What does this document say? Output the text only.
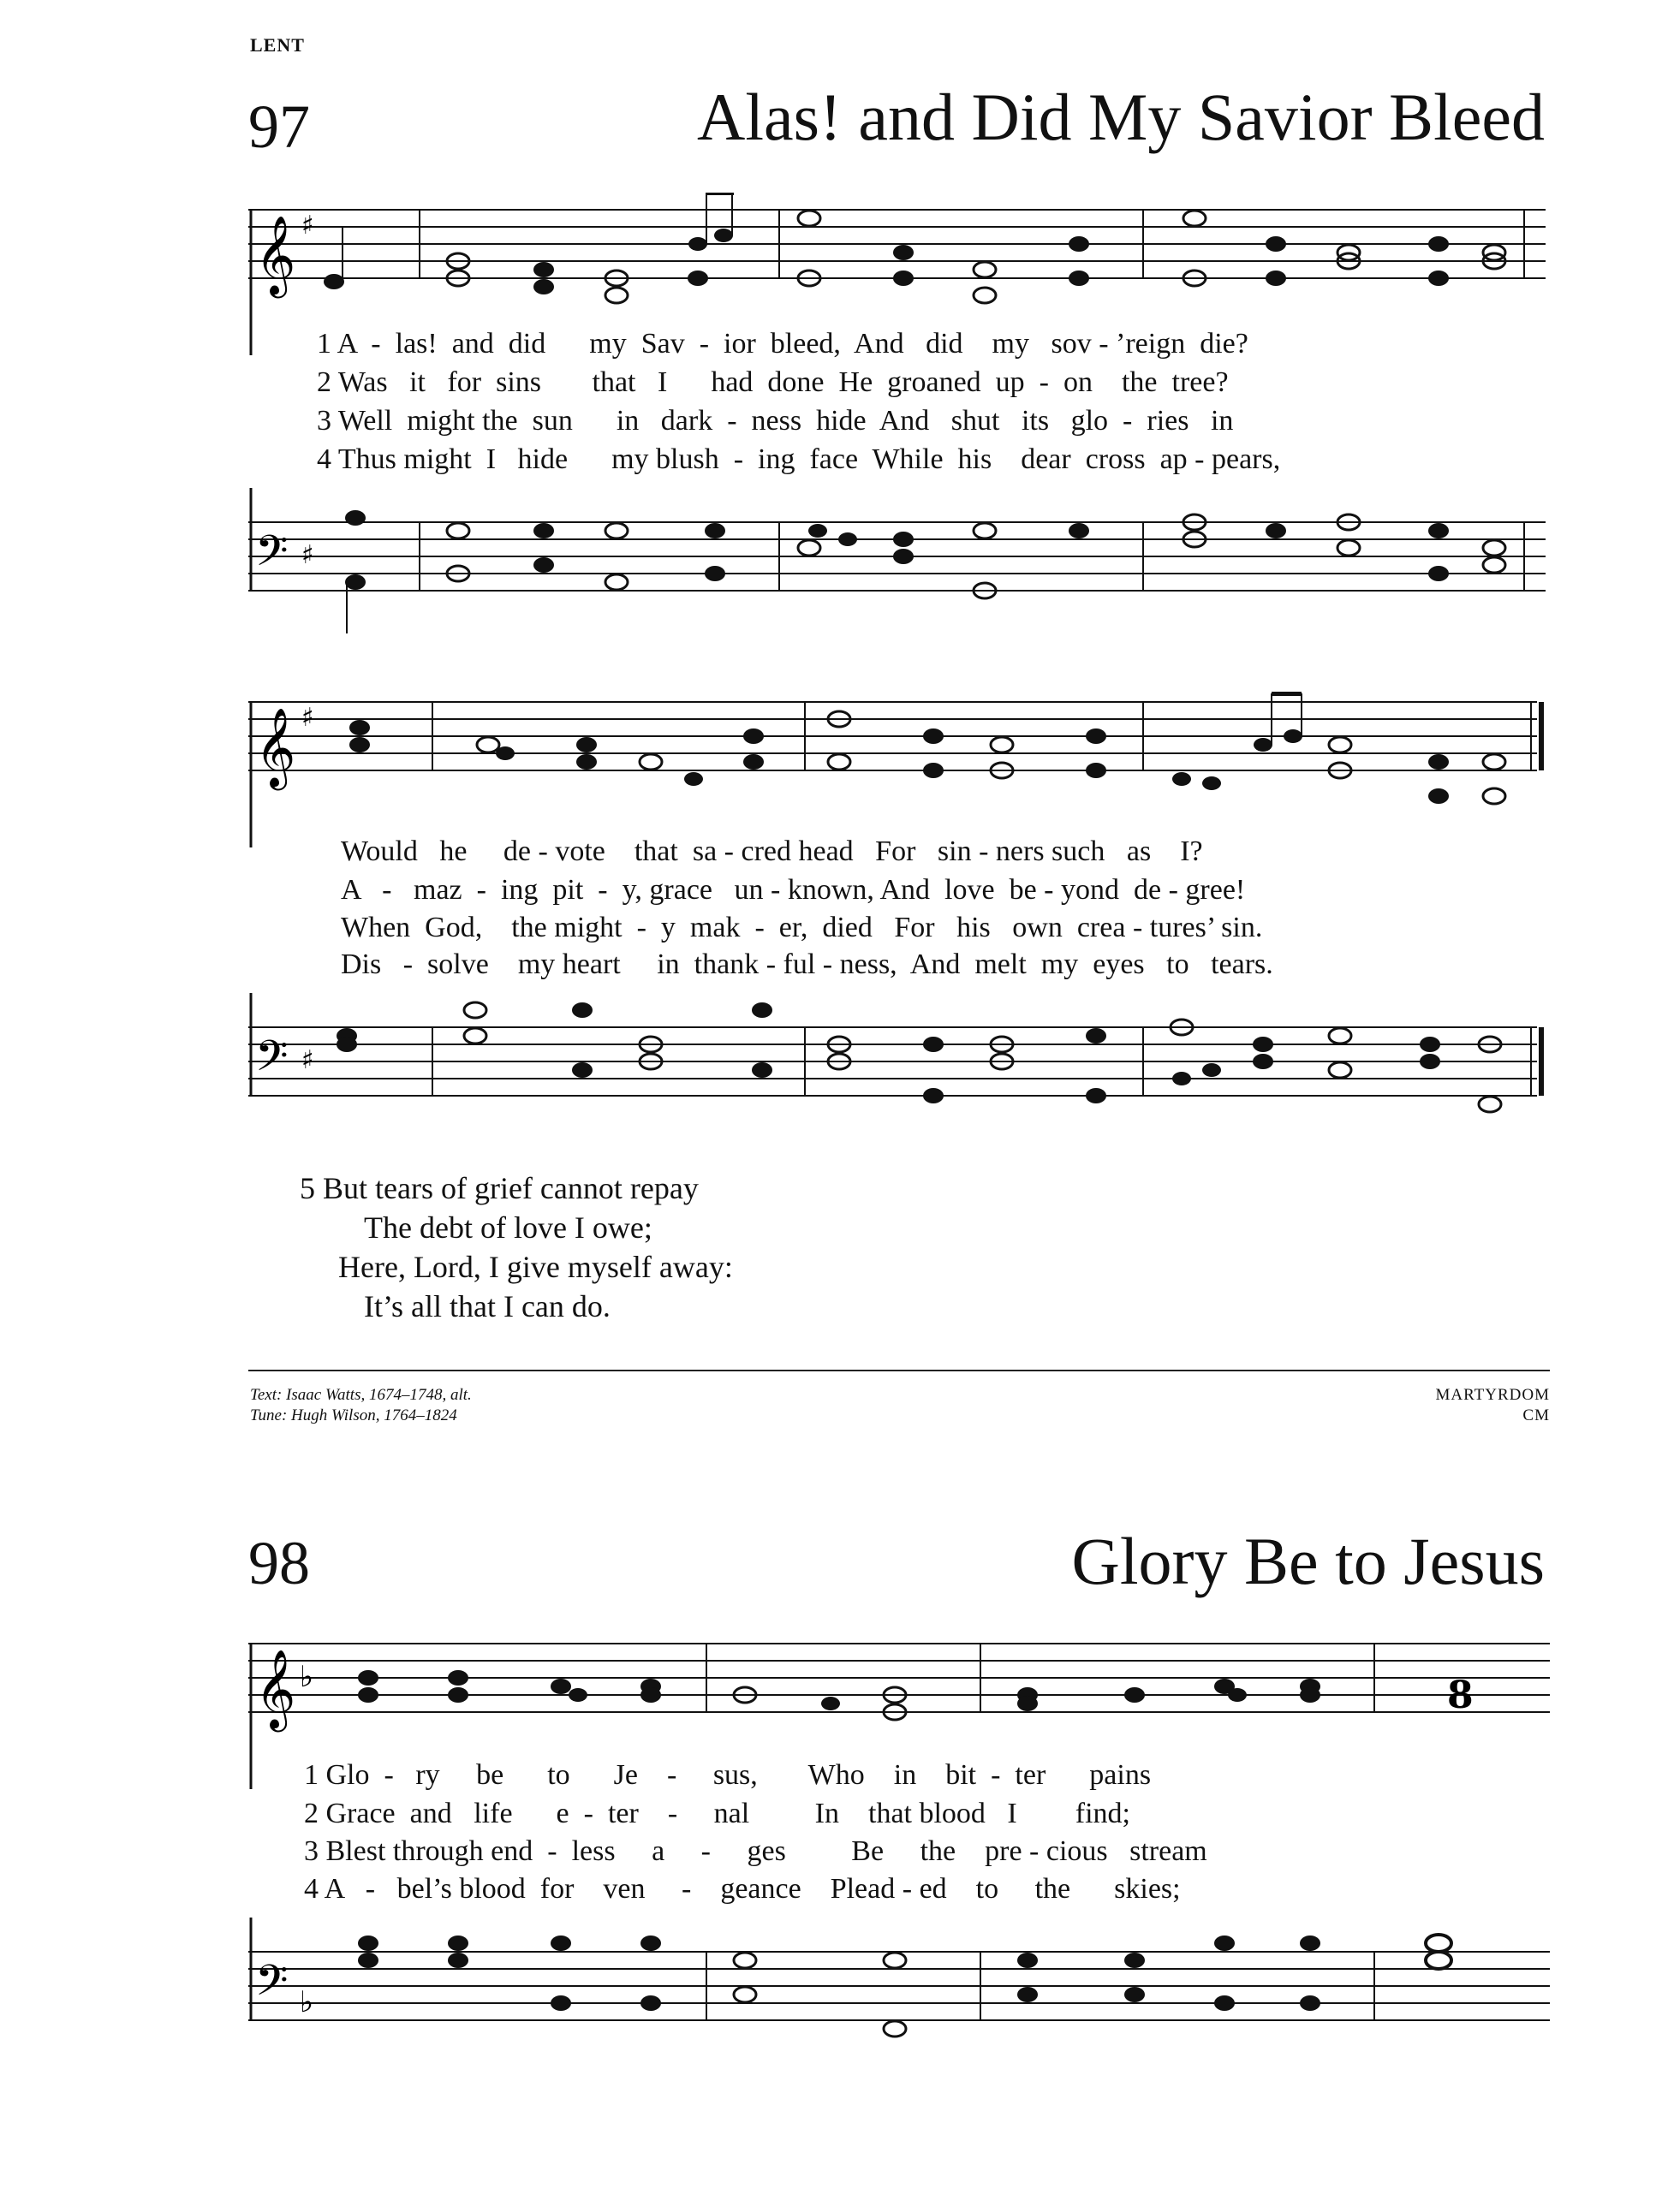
LENT
97	Alas! and Did My Savior Bleed
𝄞 ♯
1 A  -  las!  and  did      my  Sav  -  ior  bleed,  And   did    my   sov - ’reign  die?
2 Was   it   for  sins       that   I      had  done  He  groaned  up  -  on    the  tree?
3 Well  might the  sun      in   dark  -  ness  hide  And   shut   its   glo  -  ries   in
4 Thus might  I   hide      my blush  -  ing  face  While  his    dear  cross  ap - pears,
𝄢 ♯
𝄞 ♯
Would   he     de - vote    that  sa - cred head   For   sin - ners such   as    I?
A   -   maz  -  ing  pit  -  y, grace   un - known, And  love  be - yond  de - gree!
When  God,    the might  -  y  mak  -  er,  died   For   his   own  crea - tures’ sin.
Dis   -  solve    my heart     in  thank - ful - ness,  And  melt  my  eyes   to   tears.
𝄢 ♯
5 But tears of grief cannot repay
The debt of love I owe;
Here, Lord, I give myself away:
It’s all that I can do.
Text: Isaac Watts, 1674–1748, alt.
Tune: Hugh Wilson, 1764–1824
MARTYRDOM
CM
98	Glory Be to Jesus
𝄞 ♭	8
1 Glo  -   ry     be      to      Je    -     sus,       Who    in    bit  -  ter      pains
2 Grace  and   life      e  -  ter    -     nal         In    that blood   I        find;
3 Blest through end  -  less     a     -     ges         Be     the    pre - cious   stream
4 A   -   bel’s blood  for    ven     -    geance    Plead - ed    to     the      skies;
𝄢 ♭
